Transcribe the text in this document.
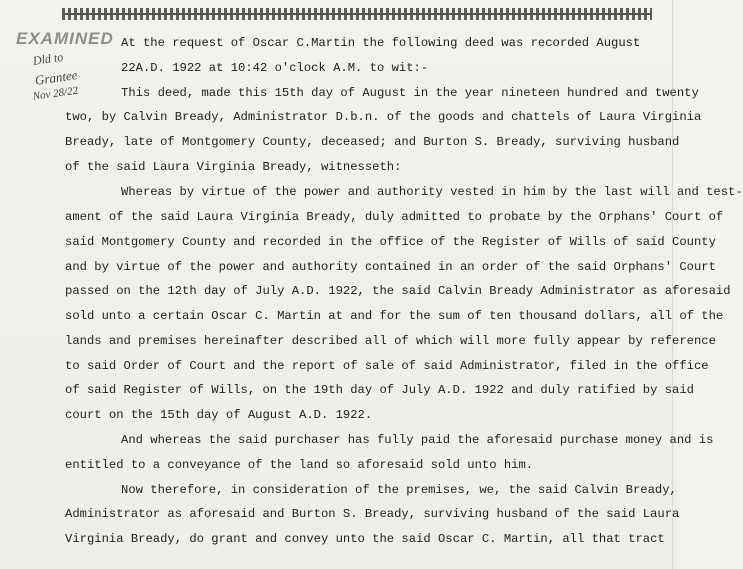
EXAMINED
Dld to
Grantee
Nov 28/22
At the request of Oscar C.Martin the following deed was recorded August
22A.D. 1922 at 10:42 o'clock A.M. to wit:-
This deed, made this 15th day of August in the year nineteen hundred and twenty
two, by Calvin Bready, Administrator D.b.n. of the goods and chattels of Laura Virginia
Bready, late of Montgomery County, deceased; and Burton S. Bready, surviving husband
of the said Laura Virginia Bready, witnesseth:
Whereas by virtue of the power and authority vested in him by the last will and test-
ament of the said Laura Virginia Bready, duly admitted to probate by the Orphans' Court of
said Montgomery County and recorded in the office of the Register of Wills of said County
and by virtue of the power and authority contained in an order of the said Orphans' Court
passed on the 12th day of July A.D. 1922, the said Calvin Bready Administrator as aforesaid
sold unto a certain Oscar C. Martin at and for the sum of ten thousand dollars, all of the
lands and premises hereinafter described all of which will more fully appear by reference
to said Order of Court and the report of sale of said Administrator, filed in the office
of said Register of Wills, on the 19th day of July A.D. 1922 and duly ratified by said
court on the 15th day of August A.D. 1922.
And whereas the said purchaser has fully paid the aforesaid purchase money and is
entitled to a conveyance of the land so aforesaid sold unto him.
Now therefore, in consideration of the premises, we, the said Calvin Bready,
Administrator as aforesaid and Burton S. Bready, surviving husband of the said Laura
Virginia Bready, do grant and convey unto the said Oscar C. Martin, all that tract
